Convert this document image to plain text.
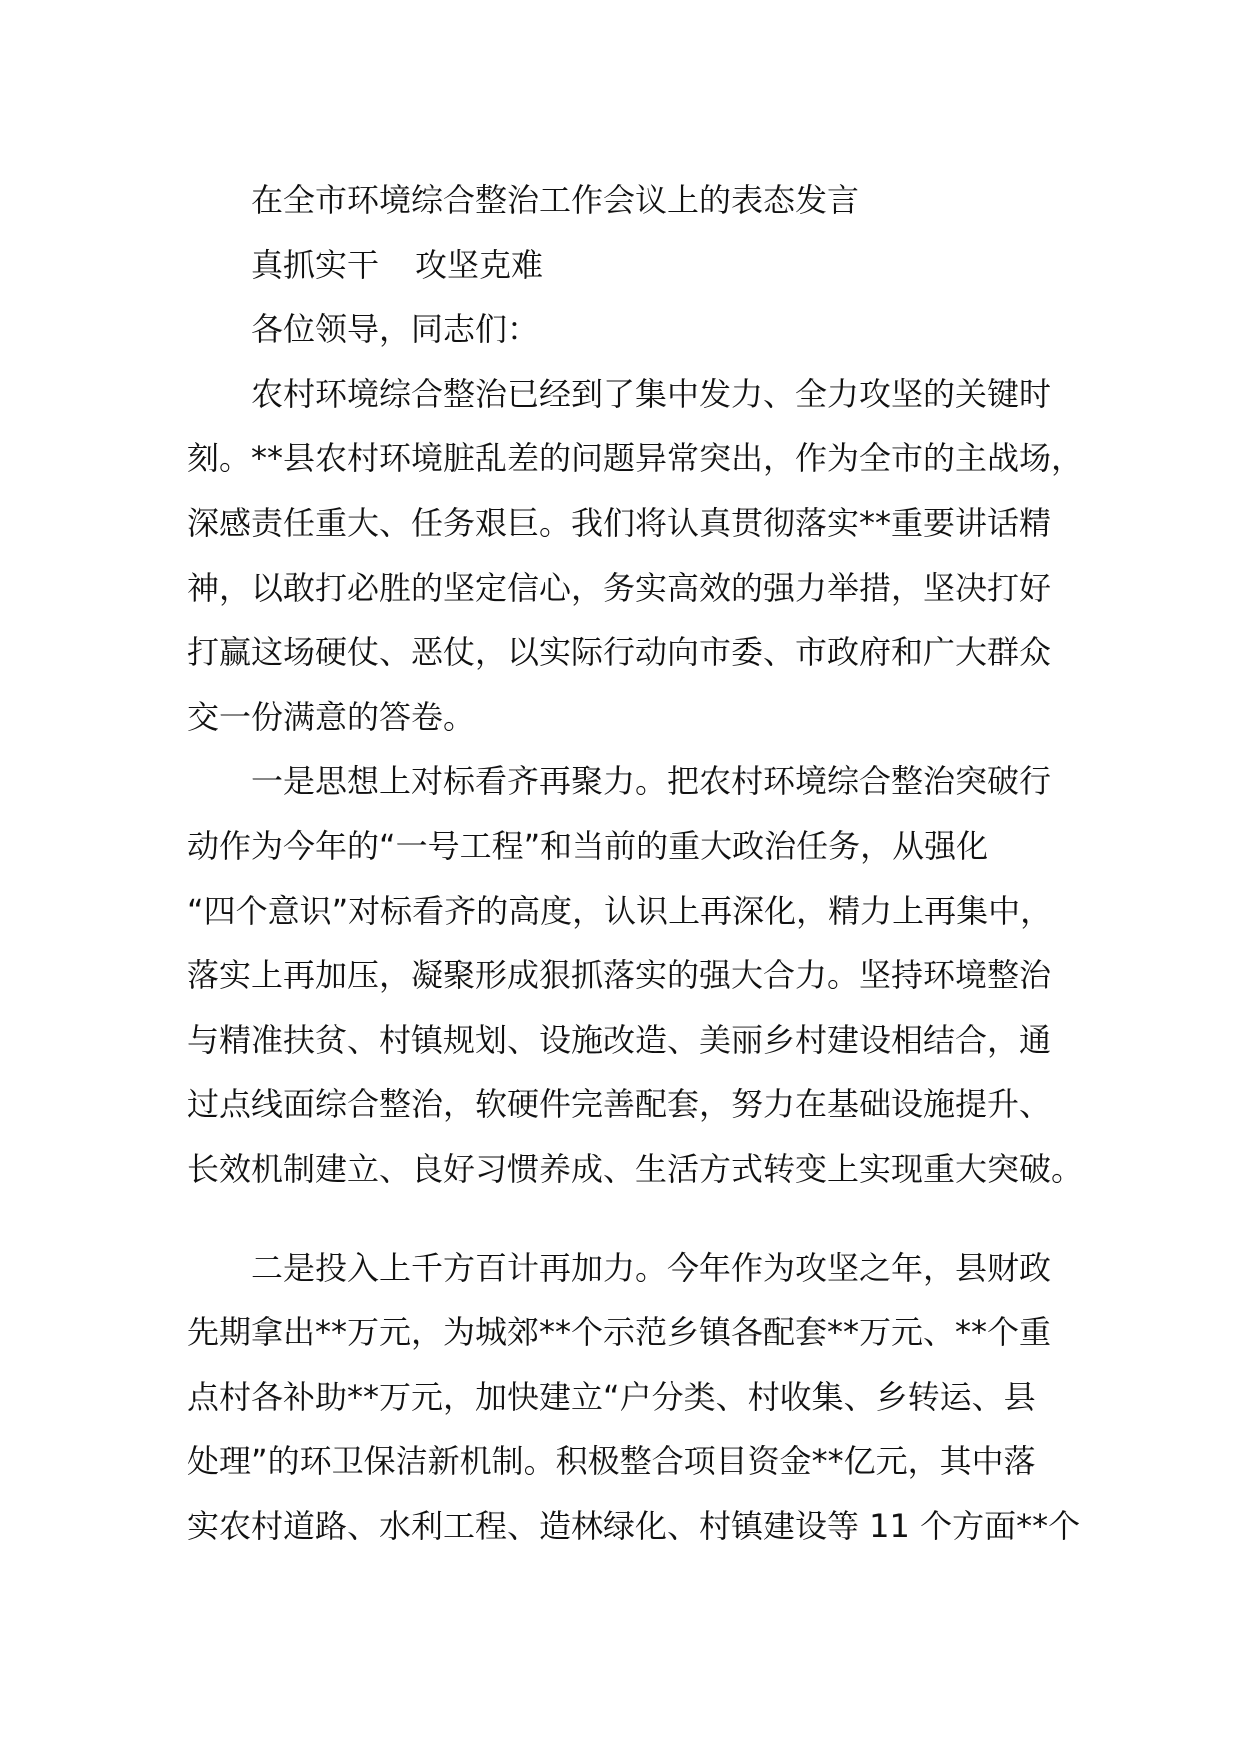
在全市环境综合整治工作会议上的表态发言

真抓实干 攻坚克难

各位领导，同志们：

农村环境综合整治已经到了集中发力、全力攻坚的关键时

刻。**县农村环境脏乱差的问题异常突出，作为全市的主战场，

深感责任重大、任务艰巨。我们将认真贯彻落实**重要讲话精

神，以敢打必胜的坚定信心，务实高效的强力举措，坚决打好

打赢这场硬仗、恶仗，以实际行动向市委、市政府和广大群众

交一份满意的答卷。

一是思想上对标看齐再聚力。把农村环境综合整治突破行

动作为今年的“一号工程”和当前的重大政治任务，从强化

“四个意识”对标看齐的高度，认识上再深化，精力上再集中，

落实上再加压，凝聚形成狠抓落实的强大合力。坚持环境整治

与精准扶贫、村镇规划、设施改造、美丽乡村建设相结合，通

过点线面综合整治，软硬件完善配套，努力在基础设施提升、

长效机制建立、良好习惯养成、生活方式转变上实现重大突破。

二是投入上千方百计再加力。今年作为攻坚之年，县财政

先期拿出**万元，为城郊**个示范乡镇各配套**万元、**个重

点村各补助**万元，加快建立“户分类、村收集、乡转运、县

处理”的环卫保洁新机制。积极整合项目资金**亿元，其中落

实农村道路、水利工程、造林绿化、村镇建设等 11 个方面**个
